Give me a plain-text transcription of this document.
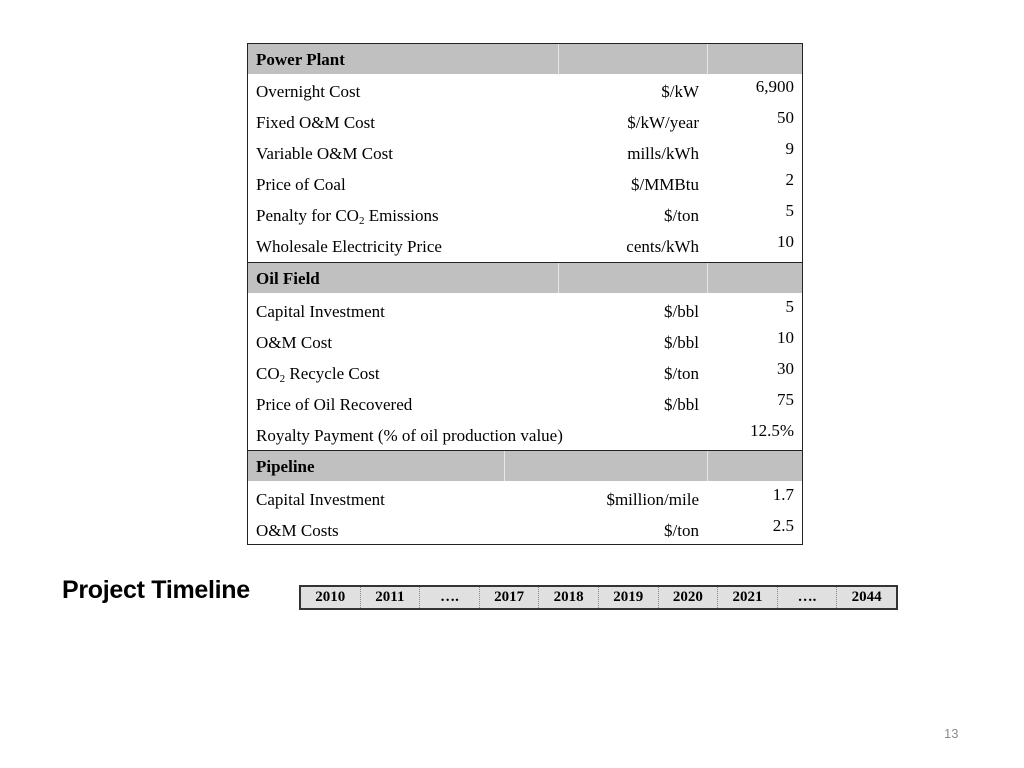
Power Plant
Overnight Cost	$/kW	6,900
Fixed O&M Cost	$/kW/year	50
Variable O&M Cost	mills/kWh	9
Price of Coal	$/MMBtu	2
Penalty for $CO_2$ Emissions	$/ton	5
Wholesale Electricity Price	cents/kWh	10
Oil Field
Capital Investment	$/bbl	5
O&M Cost	$/bbl	10
$CO_2$ Recycle Cost	$/ton	30
Price of Oil Recovered	$/bbl	75
Royalty Payment (% of oil production value)	12.5%
Pipeline
Capital Investment	$million/mile	1.7
O&M Costs	$/ton	2.5
Project Timeline	2010	2011	….	2017	2018	2019	2020	2021	….	2044
13
